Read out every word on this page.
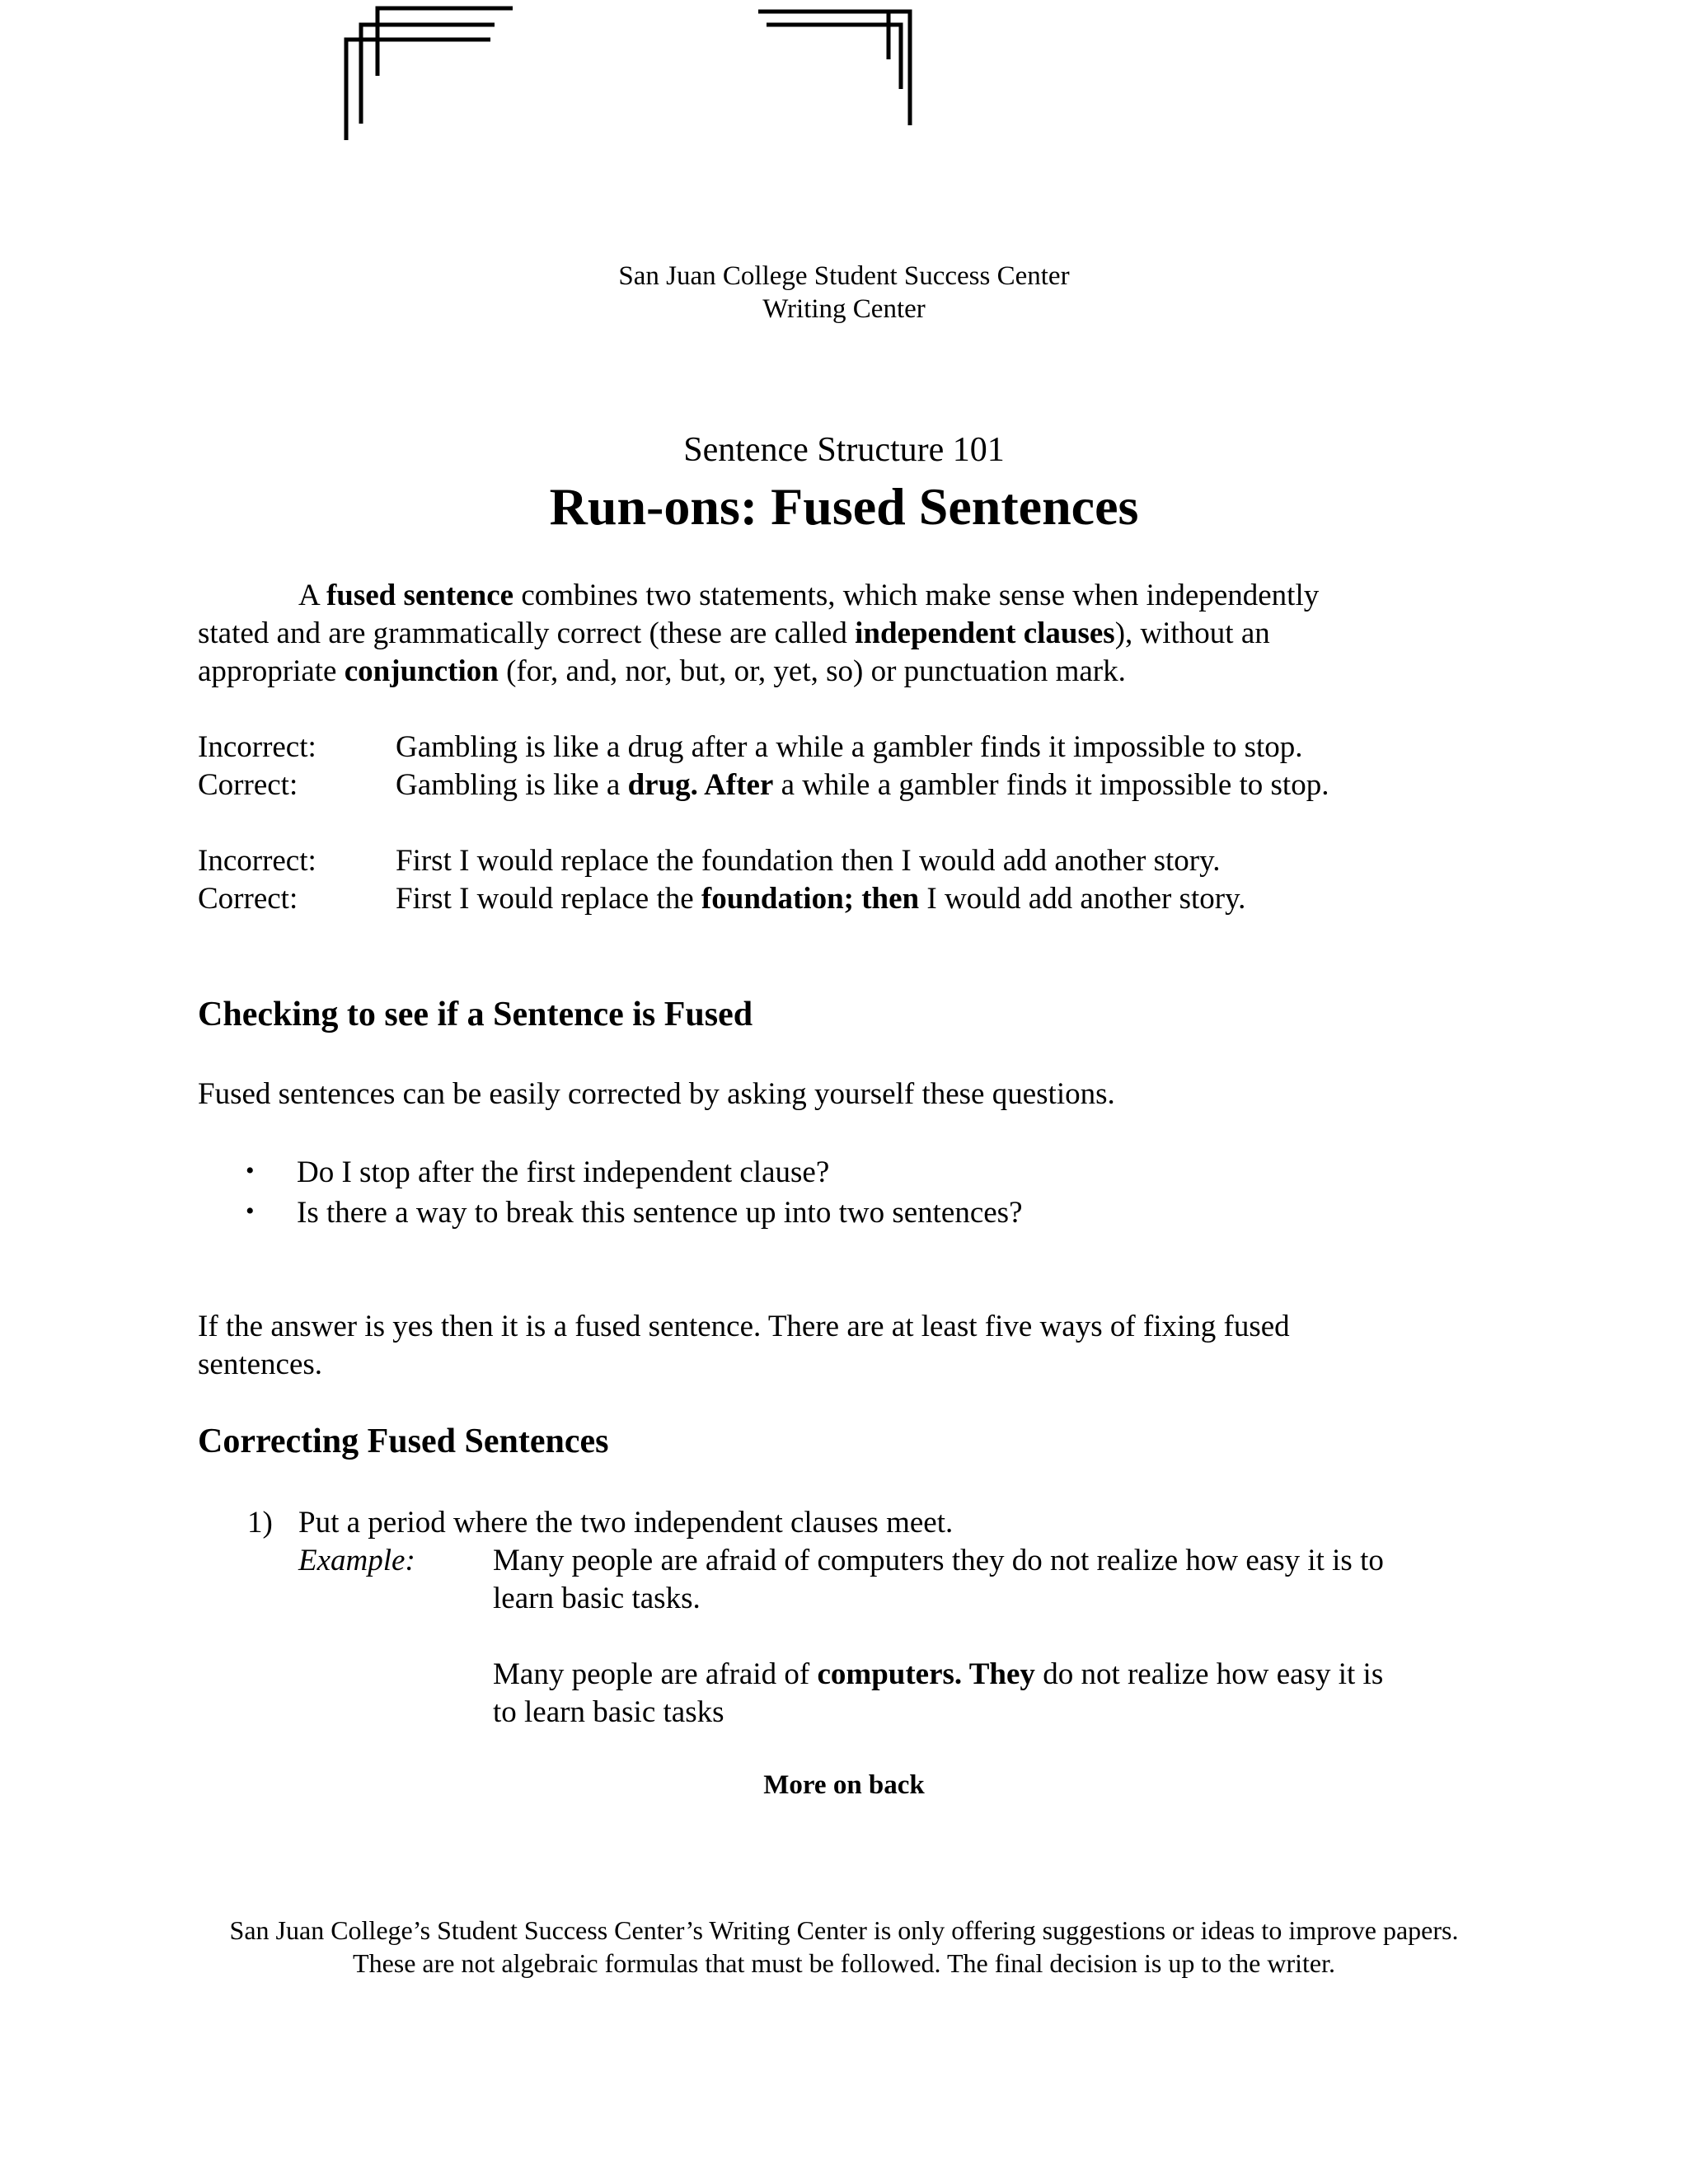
San Juan College Student Success Center
Writing Center
Sentence Structure 101
Run-ons: Fused Sentences
A fused sentence combines two statements, which make sense when independently
stated and are grammatically correct (these are called independent clauses), without an
appropriate conjunction (for, and, nor, but, or, yet, so) or punctuation mark.
Incorrect:	Gambling is like a drug after a while a gambler finds it impossible to stop.
Correct:	Gambling is like a drug. After a while a gambler finds it impossible to stop.
Incorrect:	First I would replace the foundation then I would add another story.
Correct:	First I would replace the foundation; then I would add another story.
Checking to see if a Sentence is Fused
Fused sentences can be easily corrected by asking yourself these questions.
• Do I stop after the first independent clause?
• Is there a way to break this sentence up into two sentences?
If the answer is yes then it is a fused sentence. There are at least five ways of fixing fused
sentences.
Correcting Fused Sentences
1) Put a period where the two independent clauses meet.
Example:	Many people are afraid of computers they do not realize how easy it is to
learn basic tasks.
Many people are afraid of computers. They do not realize how easy it is
to learn basic tasks
More on back
San Juan College’s Student Success Center’s Writing Center is only offering suggestions or ideas to improve papers.
These are not algebraic formulas that must be followed. The final decision is up to the writer.
